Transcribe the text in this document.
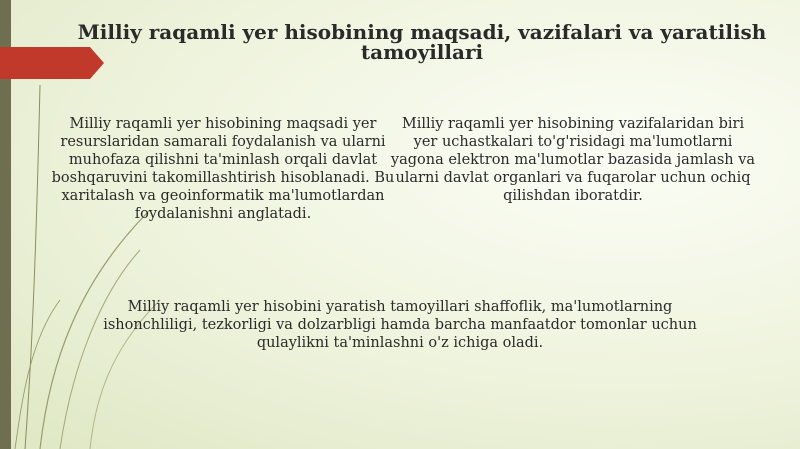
Milliy raqamli yer hisobining maqsadi, vazifalari va yaratilish tamoyillari
Milliy raqamli yer hisobining maqsadi yer resurslaridan samarali foydalanish va ularni muhofaza qilishni ta'minlash orqali davlat boshqaruvini takomillashtirish hisoblanadi. Bu xaritalash va geoinformatik ma'lumotlardan foydalanishni anglatadi.
Milliy raqamli yer hisobining vazifalaridan biri yer uchastkalari to'g'risidagi ma'lumotlarni yagona elektron ma'lumotlar bazasida jamlash va ularni davlat organlari va fuqarolar uchun ochiq qilishdan iboratdir.
Milliy raqamli yer hisobini yaratish tamoyillari shaffoflik, ma'lumotlarning ishonchliligi, tezkorligi va dolzarbligi hamda barcha manfaatdor tomonlar uchun qulaylikni ta'minlashni o'z ichiga oladi.
